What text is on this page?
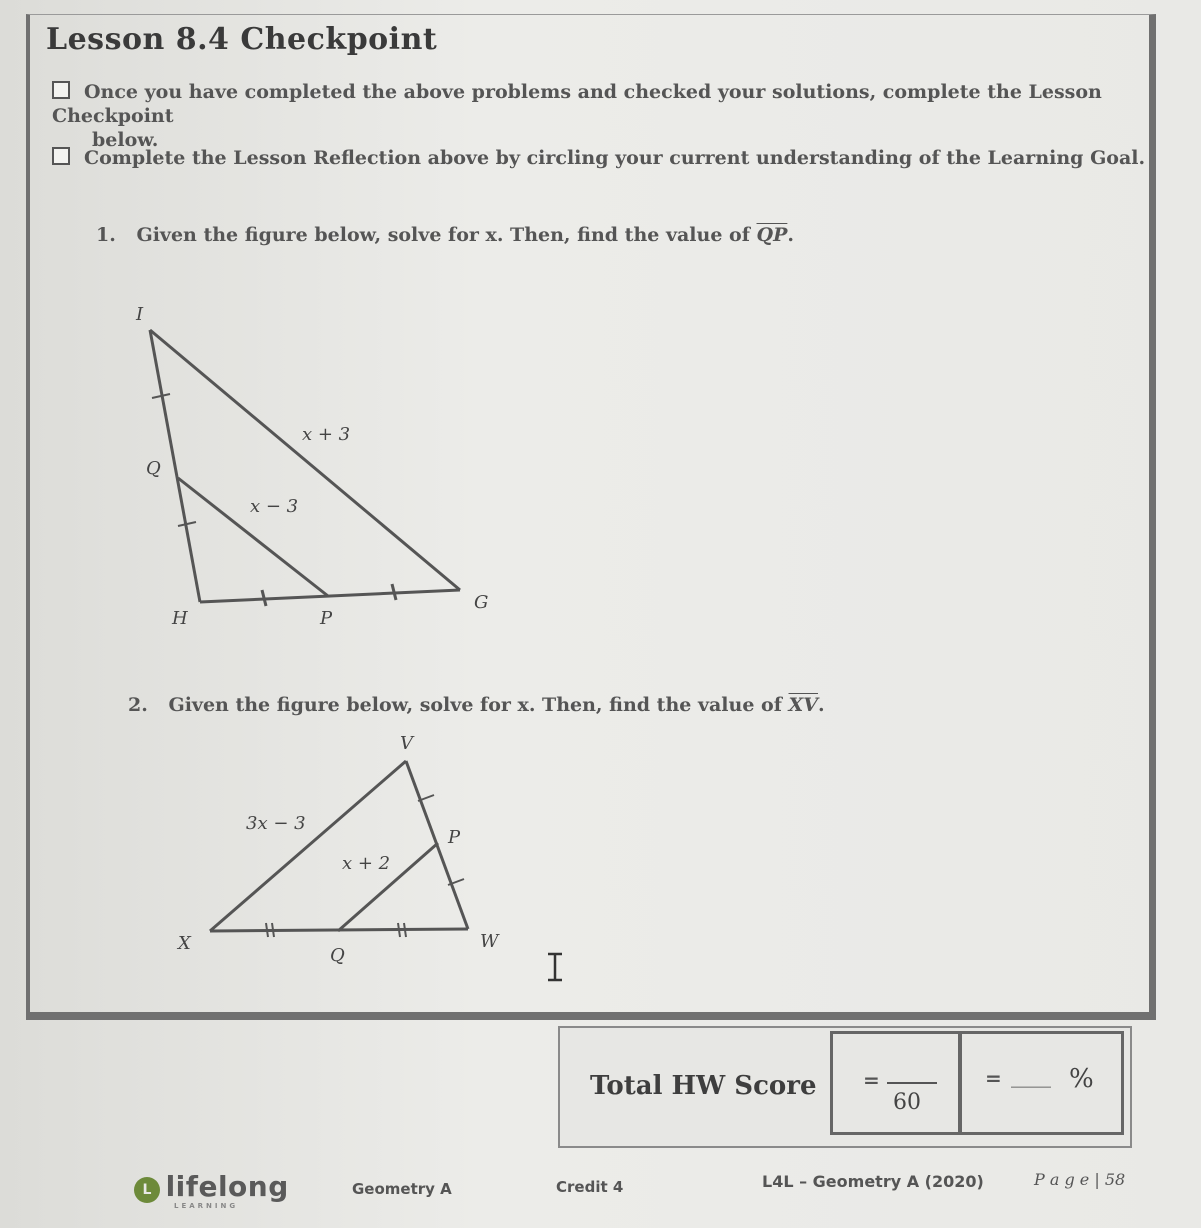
Lesson 8.4 Checkpoint
Once you have completed the above problems and checked your solutions, complete the Lesson Checkpoint
below.
Complete the Lesson Reflection above by circling your current understanding of the Learning Goal.
1. Given the figure below, solve for x. Then, find the value of $\overline{QP}$.
I
Q
H	P
G
x + 3
x − 3
2. Given the figure below, solve for x. Then, find the value of $\overline{XV}$.
V
P
X
Q
W
3x − 3
x + 2
Total HW Score =
60
= ____ %
L lifelong
LEARNING
Geometry A	Credit 4	L4L – Geometry A (2020)	P a g e | 58
